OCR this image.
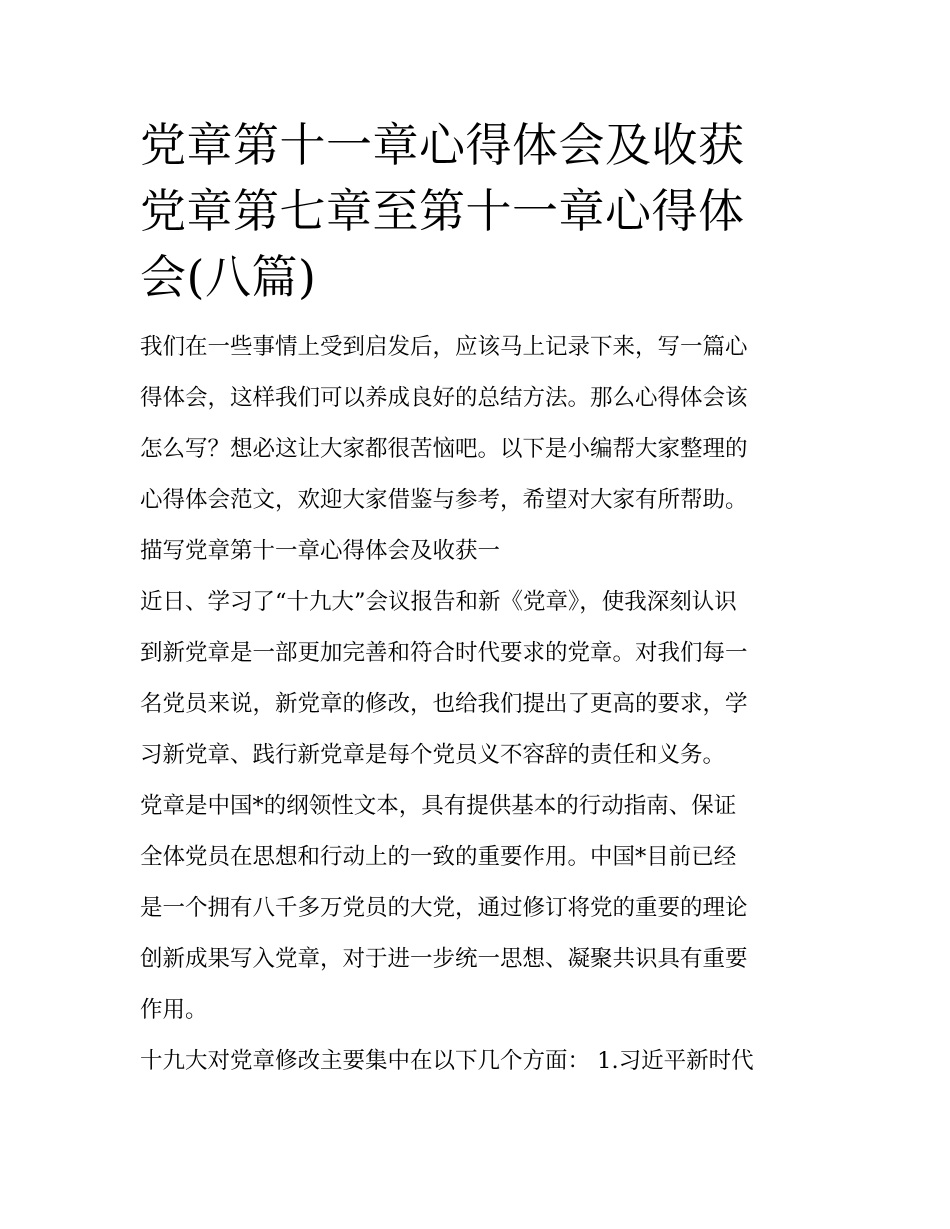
党章第十一章心得体会及收获
党章第七章至第十一章心得体
会(八篇)
我们在一些事情上受到启发后，应该马上记录下来，写一篇心
得体会，这样我们可以养成良好的总结方法。那么心得体会该
怎么写？想必这让大家都很苦恼吧。以下是小编帮大家整理的
心得体会范文，欢迎大家借鉴与参考，希望对大家有所帮助。
描写党章第十一章心得体会及收获一
近日、学习了“十九大”会议报告和新《党章》，使我深刻认识
到新党章是一部更加完善和符合时代要求的党章。对我们每一
名党员来说，新党章的修改，也给我们提出了更高的要求，学
习新党章、践行新党章是每个党员义不容辞的责任和义务。
党章是中国*的纲领性文本，具有提供基本的行动指南、保证
全体党员在思想和行动上的一致的重要作用。中国*目前已经
是一个拥有八千多万党员的大党，通过修订将党的重要的理论
创新成果写入党章，对于进一步统一思想、凝聚共识具有重要
作用。
十九大对党章修改主要集中在以下几个方面： 1.习近平新时代
